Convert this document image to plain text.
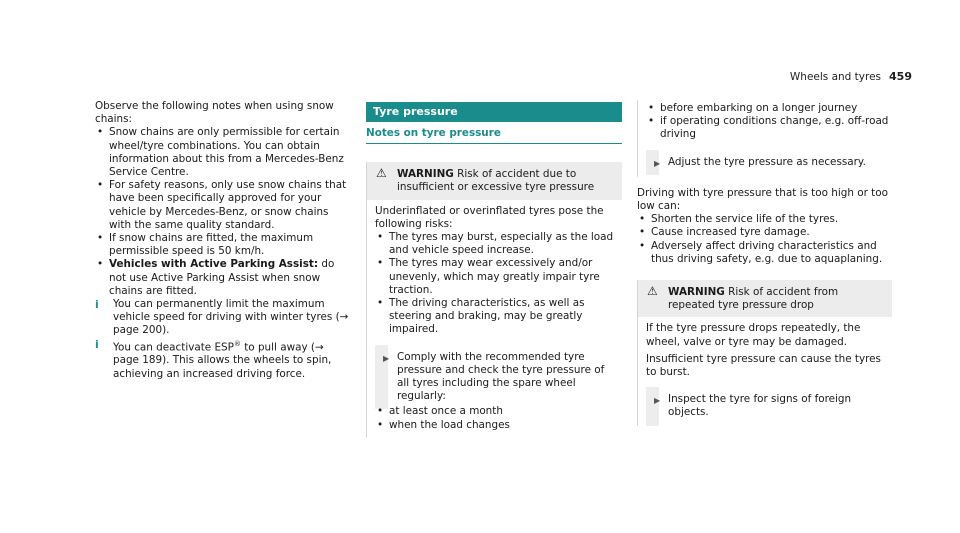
Wheels and tyres 459

Observe the following notes when using snow chains:

• Snow chains are only permissible for certain wheel/tyre combinations. You can obtain information about this from a Mercedes-Benz Service Centre.
• For safety reasons, only use snow chains that have been specifically approved for your vehicle by Mercedes-Benz, or snow chains with the same quality standard.
• If snow chains are fitted, the maximum permissible speed is 50 km/h.
• Vehicles with Active Parking Assist: do not use Active Parking Assist when snow chains are fitted.
i You can permanently limit the maximum vehicle speed for driving with winter tyres (→ page 200).
i You can deactivate ESP® to pull away (→ page 189). This allows the wheels to spin, achieving an increased driving force.
Tyre pressure
Notes on tyre pressure
⚠ WARNING Risk of accident due to insufficient or excessive tyre pressure

Underinflated or overinflated tyres pose the following risks:

• The tyres may burst, especially as the load and vehicle speed increase.
• The tyres may wear excessively and/or unevenly, which may greatly impair tyre traction.
• The driving characteristics, as well as steering and braking, may be greatly impaired.
▶ Comply with the recommended tyre pressure and check the tyre pressure of all tyres including the spare wheel regularly:
• at least once a month
• when the load changes
• before embarking on a longer journey
• if operating conditions change, e.g. off-road driving
▶ Adjust the tyre pressure as necessary.

Driving with tyre pressure that is too high or too low can:

• Shorten the service life of the tyres.
• Cause increased tyre damage.
• Adversely affect driving characteristics and thus driving safety, e.g. due to aquaplaning.
⚠ WARNING Risk of accident from repeated tyre pressure drop

If the tyre pressure drops repeatedly, the wheel, valve or tyre may be damaged.

Insufficient tyre pressure can cause the tyres to burst.

▶ Inspect the tyre for signs of foreign objects.
